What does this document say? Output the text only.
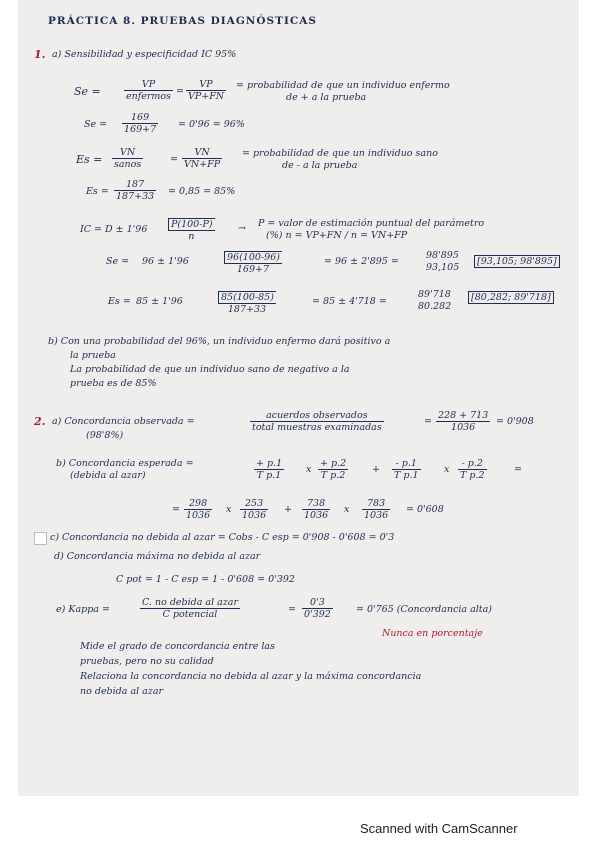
PRÁCTICA 8. PRUEBAS DIAGNÓSTICAS
1. a) Sensibilidad y especificidad IC 95%
Se =
VP
enfermos = $\frac{VP}{VP+FN}$ = probabilidad de que un individuo enfermo
de + a la prueba
$Se = \frac{169}{169+7} = 0'96 = 96\%$
Es =
VN
sanos	= $\frac{VN}{VN+FP}$ = probabilidad de que un individuo sano
de - a la prueba
$Es = \frac{187}{187+33} = 0,85 = 85\%$
IC = $D \pm 1'96 \frac{P(100-P)}{n} \to P$ = valor de estimación puntual del parámetro
(%) n = VP+FN / n = VN+FP
Se = 96 ± 1'96	$\frac{96(100-96)}{169+7}$	= 96 ± 2'895 =
98'895
93,105
[93,105; 98'895]
Es = 85 ± 1'96	$\frac{85(100-85)}{187+33}$	= 85 ± 4'718 =
89'718
80.282
[80,282; 89'718]
b) Con una probabilidad del 96%, un individuo enfermo dará positivo a
la prueba
La probabilidad de que un individuo sano de negativo a la
prueba es de 85%
2. a) Concordancia observada =
(98'8%)
acuerdos observados
total muestras examinadas
= $\frac{228 + 713}{1036} = 0'908$
b) Concordancia esperada =
(debida al azar)	$\frac{+ p.1}{\text{T p.1}}$ x $\frac{+ p.2}{\text{T p.2}}$	+ $\frac{- p.1}{\text{T p.1}}$ x $\frac{- p.2}{\text{T p.2}}$	=
= $\frac{298}{1036}$ x $\frac{253}{1036} + \frac{738}{1036}$ x $\frac{783}{1036} = 0'608$
c) Concordancia no debida al azar = Cobs - C esp = 0'908 - 0'608 = 0'3
d) Concordancia máxima no debida al azar
C pot = 1 - C esp = 1 - 0'608 = 0'392
e) Kappa =
C. no debida al azar
C potencial	= $\frac{0'3}{0'392} = 0'765$ (Concordancia alta)
Nunca en porcentaje
Mide el grado de concordancia entre las
pruebas, pero no su calidad
Relaciona la concordancia no debida al azar y la máxima concordancia
no debida al azar
Scanned with CamScanner
